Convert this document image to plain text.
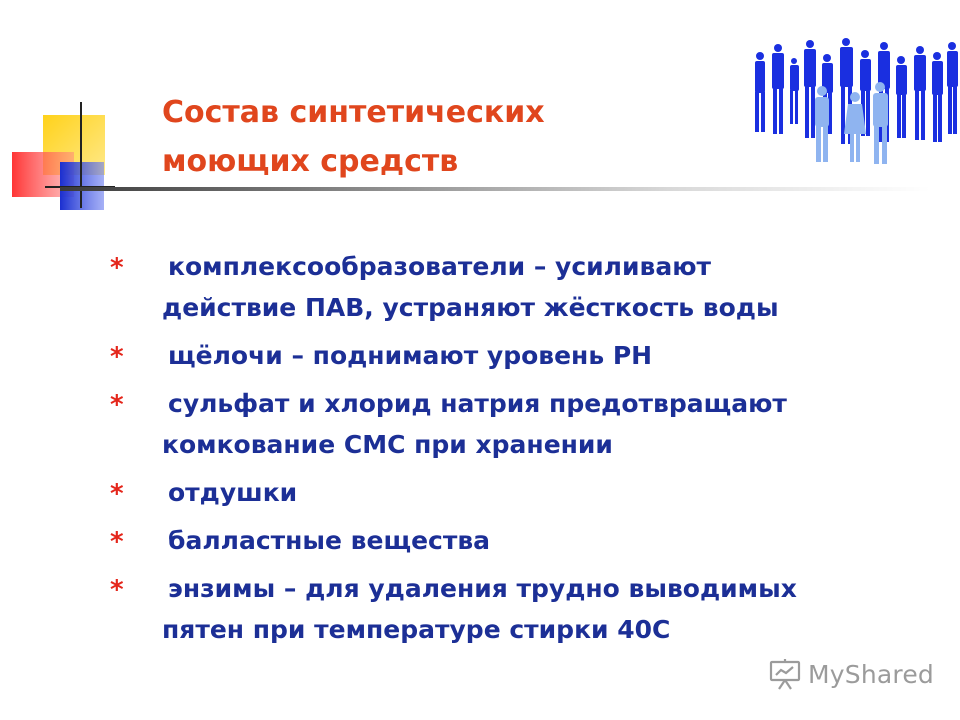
Состав синтетических
моющих средств
* комплексообразователи – усиливают
действие ПАВ, устраняют жёсткость воды
* щёлочи – поднимают уровень РН
* сульфат и хлорид натрия предотвращают
комкование СМС при хранении
* отдушки
* балластные вещества
* энзимы – для удаления трудно выводимых
пятен при температуре стирки 40С
MyShared
